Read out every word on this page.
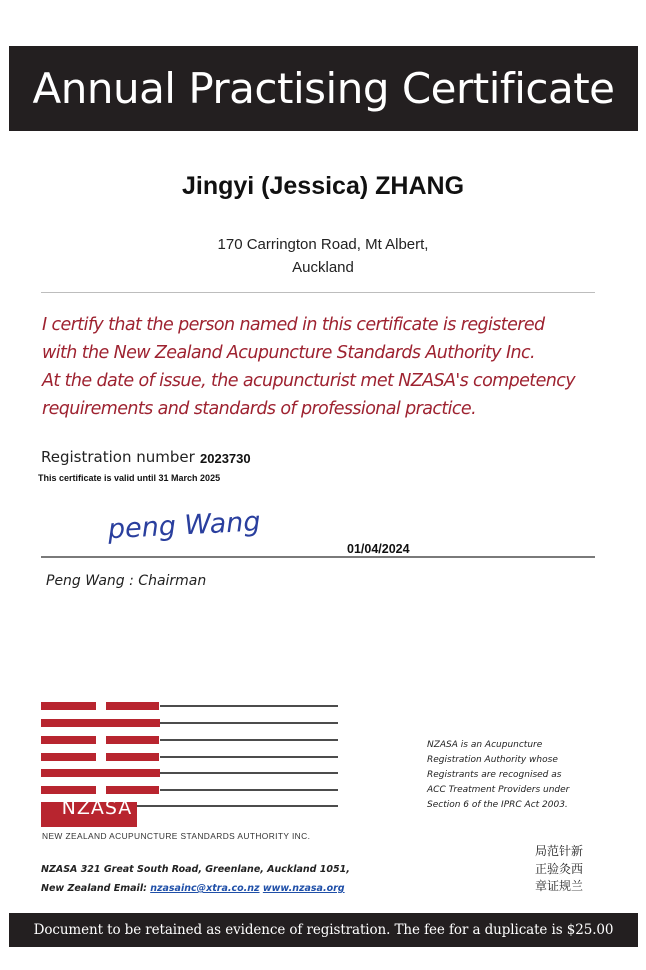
Annual Practising Certificate
Jingyi (Jessica) ZHANG
170 Carrington Road, Mt Albert,
Auckland
I certify that the person named in this certificate is registered
with the New Zealand Acupuncture Standards Authority Inc.
At the date of issue, the acupuncturist met NZASA's competency
requirements and standards of professional practice.
Registration number 2023730
This certificate is valid until 31 March 2025
peng Wang
01/04/2024
Peng Wang : Chairman
NZASA
NEW ZEALAND ACUPUNCTURE STANDARDS AUTHORITY INC.
NZASA is an Acupuncture
Registration Authority whose
Registrants are recognised as
ACC Treatment Providers under
Section 6 of the IPRC Act 2003.
局范针新
正验灸西
章证规兰
NZASA 321 Great South Road, Greenlane, Auckland 1051,
New Zealand Email: nzasainc@xtra.co.nz www.nzasa.org
Document to be retained as evidence of registration. The fee for a duplicate is $25.00
